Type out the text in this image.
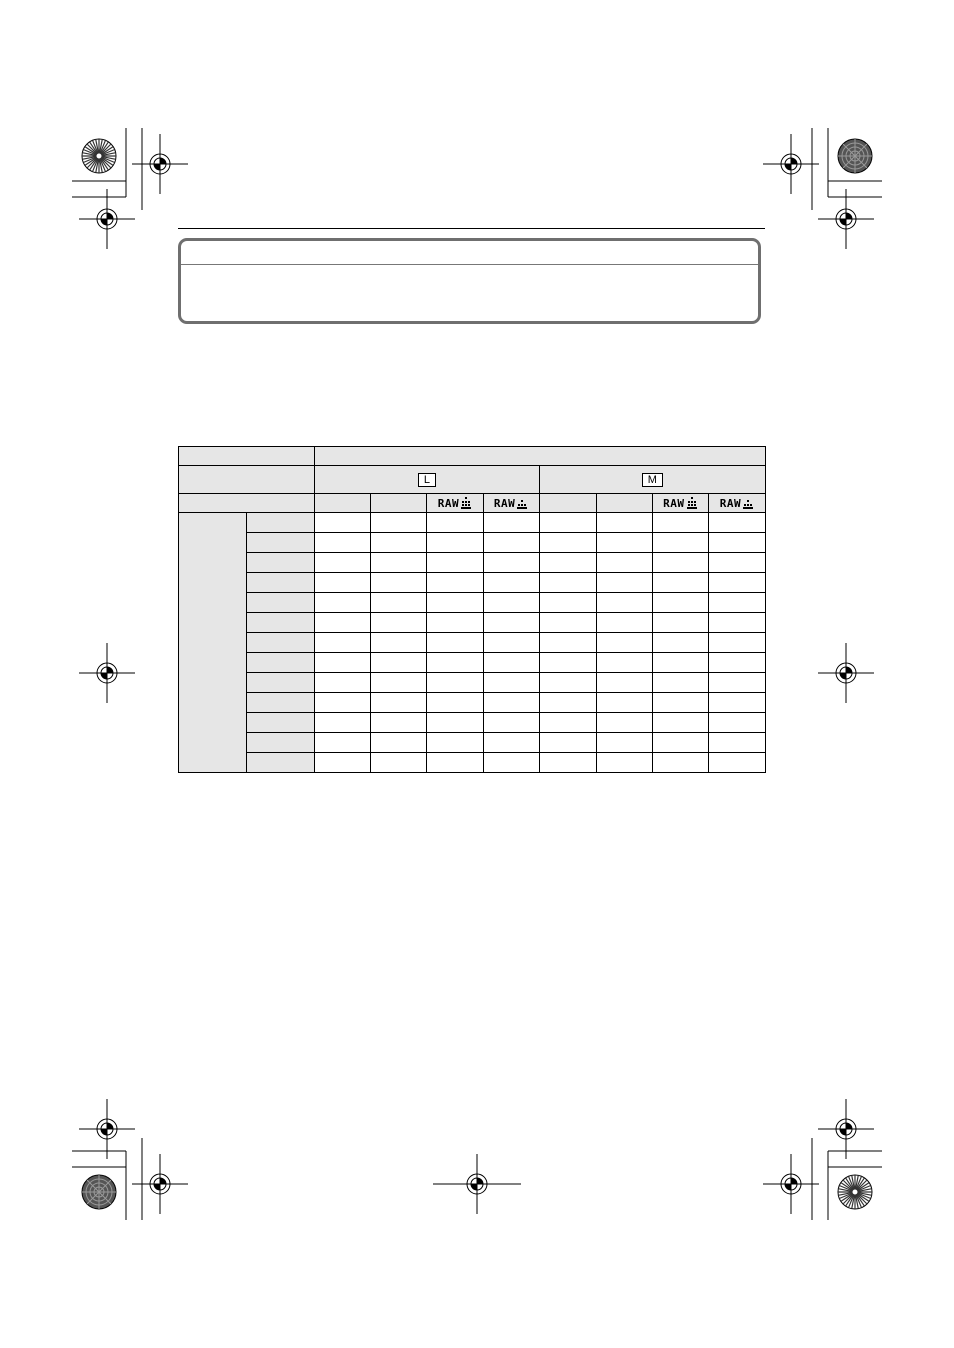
		L				M			

				RAW	RAW			RAW	RAW
